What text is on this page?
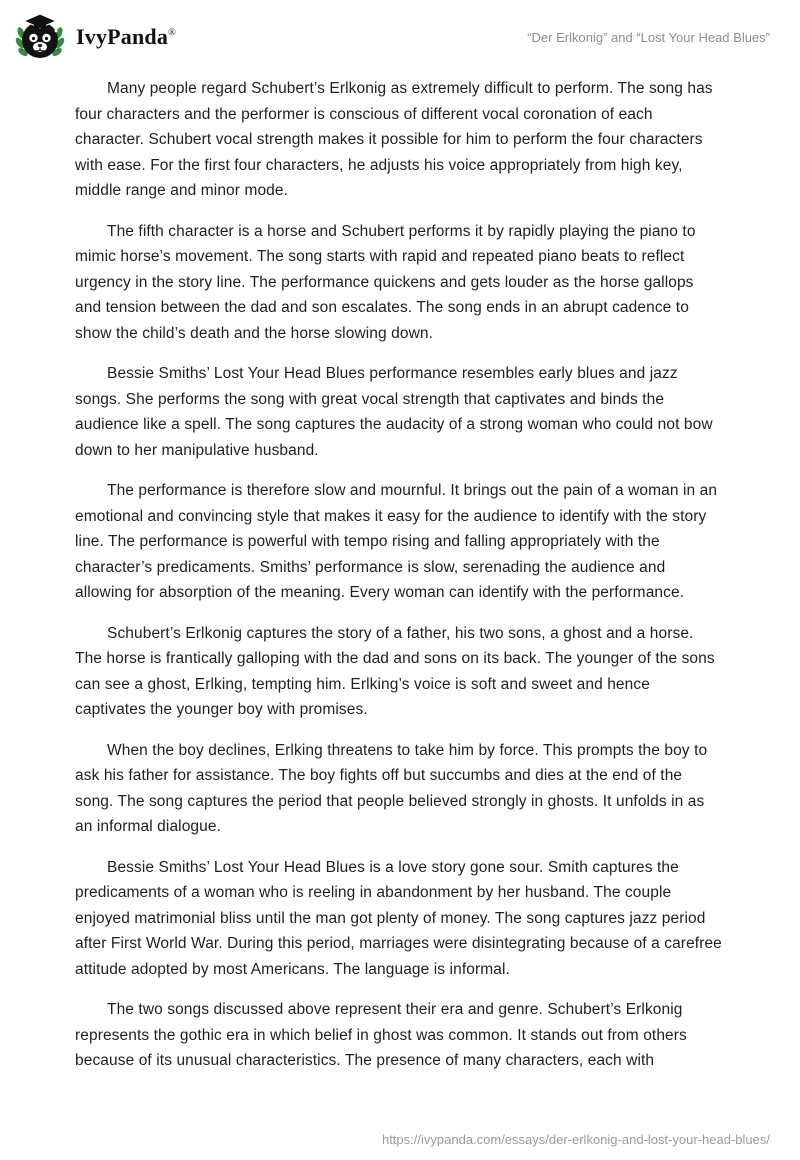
IvyPanda®	“Der Erlkonig” and “Lost Your Head Blues”

Many people regard Schubert’s Erlkonig as extremely difficult to perform. The song has four characters and the performer is conscious of different vocal coronation of each character. Schubert vocal strength makes it possible for him to perform the four characters with ease. For the first four characters, he adjusts his voice appropriately from high key, middle range and minor mode.

The fifth character is a horse and Schubert performs it by rapidly playing the piano to mimic horse’s movement. The song starts with rapid and repeated piano beats to reflect urgency in the story line. The performance quickens and gets louder as the horse gallops and tension between the dad and son escalates. The song ends in an abrupt cadence to show the child’s death and the horse slowing down.

Bessie Smiths’ Lost Your Head Blues performance resembles early blues and jazz songs. She performs the song with great vocal strength that captivates and binds the audience like a spell. The song captures the audacity of a strong woman who could not bow down to her manipulative husband.

The performance is therefore slow and mournful. It brings out the pain of a woman in an emotional and convincing style that makes it easy for the audience to identify with the story line. The performance is powerful with tempo rising and falling appropriately with the character’s predicaments. Smiths’ performance is slow, serenading the audience and allowing for absorption of the meaning. Every woman can identify with the performance.

Schubert’s Erlkonig captures the story of a father, his two sons, a ghost and a horse. The horse is frantically galloping with the dad and sons on its back. The younger of the sons can see a ghost, Erlking, tempting him. Erlking’s voice is soft and sweet and hence captivates the younger boy with promises.

When the boy declines, Erlking threatens to take him by force. This prompts the boy to ask his father for assistance. The boy fights off but succumbs and dies at the end of the song. The song captures the period that people believed strongly in ghosts. It unfolds in as an informal dialogue.

Bessie Smiths’ Lost Your Head Blues is a love story gone sour. Smith captures the predicaments of a woman who is reeling in abandonment by her husband. The couple enjoyed matrimonial bliss until the man got plenty of money. The song captures jazz period after First World War. During this period, marriages were disintegrating because of a carefree attitude adopted by most Americans. The language is informal.

The two songs discussed above represent their era and genre. Schubert’s Erlkonig represents the gothic era in which belief in ghost was common. It stands out from others because of its unusual characteristics. The presence of many characters, each with

https://ivypanda.com/essays/der-erlkonig-and-lost-your-head-blues/
